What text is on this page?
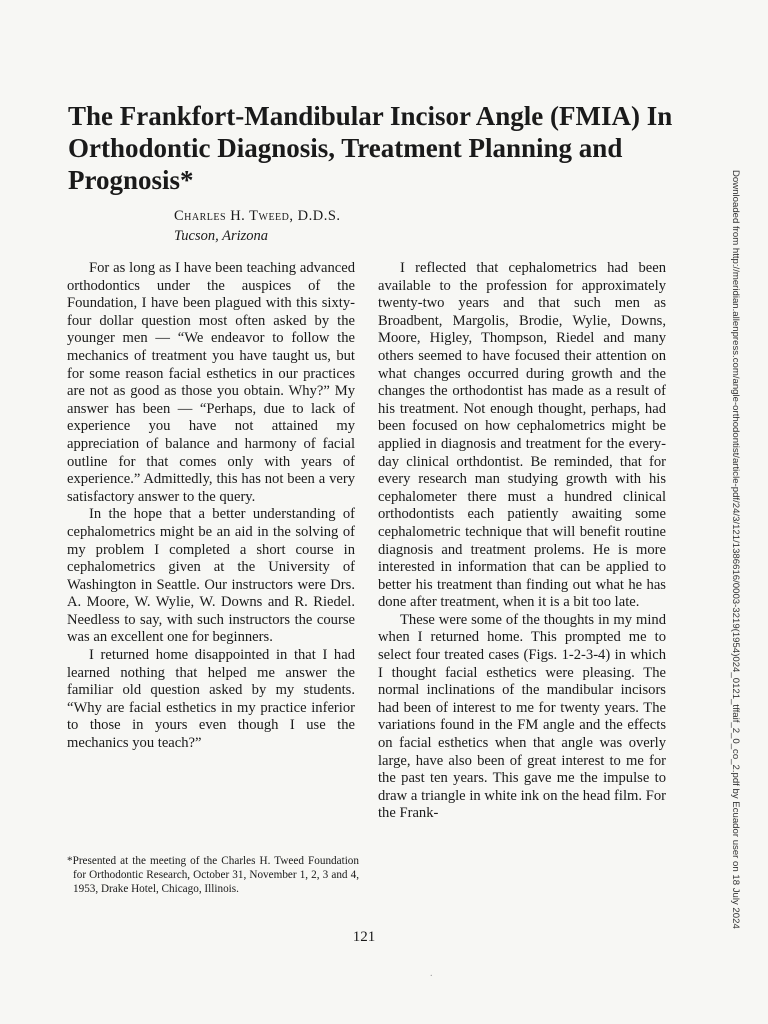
The Frankfort-Mandibular Incisor Angle (FMIA) In Orthodontic Diagnosis, Treatment Planning and Prognosis*
Charles H. Tweed, D.D.S.
Tucson, Arizona

For as long as I have been teaching advanced orthodontics under the auspices of the Foundation, I have been plagued with this sixty-four dollar question most often asked by the younger men — “We endeavor to follow the mechanics of treatment you have taught us, but for some reason facial esthetics in our practices are not as good as those you obtain. Why?” My answer has been — “Perhaps, due to lack of experience you have not attained my appreciation of balance and harmony of facial outline for that comes only with years of experience.” Admittedly, this has not been a very satisfactory answer to the query.

In the hope that a better understanding of cephalometrics might be an aid in the solving of my problem I completed a short course in cephalometrics given at the University of Washington in Seattle. Our instructors were Drs. A. Moore, W. Wylie, W. Downs and R. Riedel. Needless to say, with such instructors the course was an excellent one for beginners.

I returned home disappointed in that I had learned nothing that helped me answer the familiar old question asked by my students. “Why are facial esthetics in my practice inferior to those in yours even though I use the mechanics you teach?”

I reflected that cephalometrics had been available to the profession for approximately twenty-two years and that such men as Broadbent, Margolis, Brodie, Wylie, Downs, Moore, Higley, Thompson, Riedel and many others seemed to have focused their attention on what changes occurred during growth and the changes the orthodontist has made as a result of his treatment. Not enough thought, perhaps, had been focused on how cephalometrics might be applied in diagnosis and treatment for the every-day clinical orthdontist. Be reminded, that for every research man studying growth with his cephalometer there must a hundred clinical orthodontists each patiently awaiting some cephalometric technique that will benefit routine diagnosis and treatment prolems. He is more interested in information that can be applied to better his treatment than finding out what he has done after treatment, when it is a bit too late.

These were some of the thoughts in my mind when I returned home. This prompted me to select four treated cases (Figs. 1-2-3-4) in which I thought facial esthetics were pleasing. The normal inclinations of the mandibular incisors had been of interest to me for twenty years. The variations found in the FM angle and the effects on facial esthetics when that angle was overly large, have also been of great interest to me for the past ten years. This gave me the impulse to draw a triangle in white ink on the head film. For the Frank-

*Presented at the meeting of the Charles H. Tweed Foundation for Orthodontic Research, October 31, November 1, 2, 3 and 4, 1953, Drake Hotel, Chicago, Illinois.
121
Downloaded from http://meridian.allenpress.com/angle-orthodontist/article-pdf/24/3/121/1386616/0003-3219(1954)024_0121_tffaif_2_0_co_2.pdf by Ecuador user on 18 July 2024
.
